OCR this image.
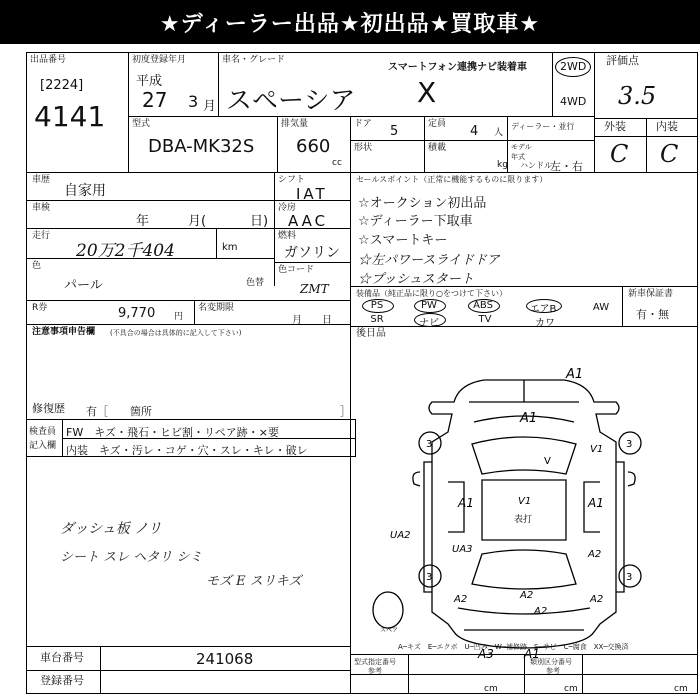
★ディーラー出品★初出品★買取車★
出品番号
[2224]
4141
初度登録年月
平成
27 3 月
車名・グレード
スマートフォン連携ナビ装着車
スペーシア X
2WD
4WD
評価点
3.5
外装	内装
C C
型式
DBA-MK32S
排気量
660
cc
ドア 5
形状
定員 4 人
積載
kg
ディーラー・並行
モデル年式
ハンドル
左・右
車歴
自家用
車検
年	月(	日)
走行
20万2千404	km
色
パール	色替
色コード
ZMT
シフト
IAT
冷房
AAC
燃料
ガソリン
R券	9,770 円
名変期限
月 日
注意事項申告欄 (不具合の場合は具体的に記入して下さい)
修復歴 有［　　箇所	］
検査員
記入欄
FW　キズ・飛石・ヒビ割・リペア跡・×要
内装　キズ・汚レ・コゲ・穴・スレ・キレ・破レ
ダッシュ板 ノリ
シート スレ ヘタリ シミ
モズ E スリキズ
セールスポイント（正常に機能するものに限ります）
☆オークション初出品
☆ディーラー下取車
☆スマートキー
☆左パワースライドドア
☆プッシュスタート
装備品（純正品に限り○をつけて下さい）
PS	PW	ABS	エアB	AW
SR	ナビ	TV	カワ
新車保証書
有・無
後日品
A1
A1
3	3
V1
V
A1	A1
V1
表打
UA2
UA3	A2
3	3
A2
A2
A2
A2
A3	A1
スペア
A─キズ　E─エクボ　U─凹み　W─補修跡　S─サビ　C─腐食　XX─交換済
車台番号	241068
登録番号
型式指定番号
参考
類別区分番号
参考
cm	cm	cm
